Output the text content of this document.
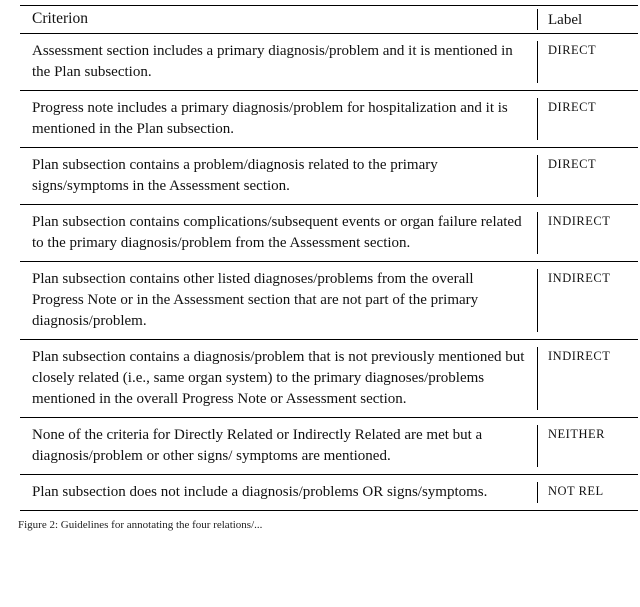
Criterion	Label
Assessment section includes a primary diagnosis/problem and it is mentioned in the Plan subsection.
DIRECT
Progress note includes a primary diagnosis/problem for hospitalization and it is mentioned in the Plan subsection.
DIRECT
Plan subsection contains a problem/diagnosis related to the primary signs/symptoms in the Assessment section.
DIRECT
Plan subsection contains complications/subsequent events or organ failure related to the primary diagnosis/problem from the Assessment section.
INDIRECT
Plan subsection contains other listed diagnoses/problems from the overall Progress Note or in the Assessment section that are not part of the primary diagnosis/problem.
INDIRECT
Plan subsection contains a diagnosis/problem that is not previously mentioned but closely related (i.e., same organ system) to the primary diagnoses/problems mentioned in the overall Progress Note or Assessment section.
INDIRECT
None of the criteria for Directly Related or Indirectly Related are met but a diagnosis/problem or other signs/ symptoms are mentioned.
NEITHER
Plan subsection does not include a diagnosis/problems OR signs/symptoms.	NOT REL
Figure 2: Guidelines for annotating the four relations/...
